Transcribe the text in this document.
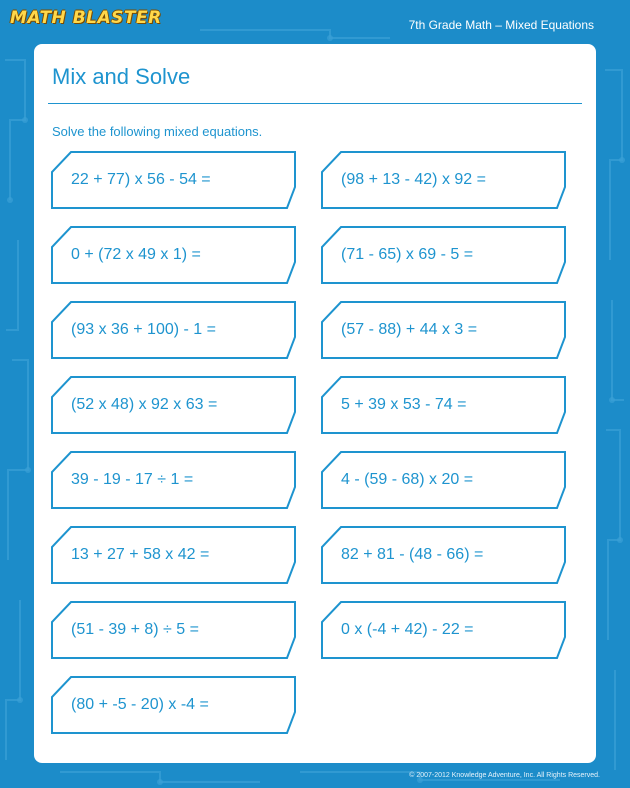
MATH BLASTER	7th Grade Math – Mixed Equations
Mix and Solve
Solve the following mixed equations.
22 + 77) x 56 - 54 =	(98 + 13 - 42) x 92 =
0 + (72 x 49 x 1) =	(71 - 65) x 69 - 5 =
(93 x 36 + 100) - 1 =	(57 - 88) + 44 x 3 =
(52 x 48) x 92 x 63 =	5 + 39 x 53 - 74 =
39 - 19 - 17 ÷ 1 =	4 - (59 - 68) x 20 =
13 + 27 + 58 x 42 =	82 + 81 - (48 - 66) =
(51 - 39 + 8) ÷ 5 =	0 x (-4 + 42) - 22 =
(80 + -5 - 20) x -4 =
© 2007-2012 Knowledge Adventure, Inc. All Rights Reserved.
